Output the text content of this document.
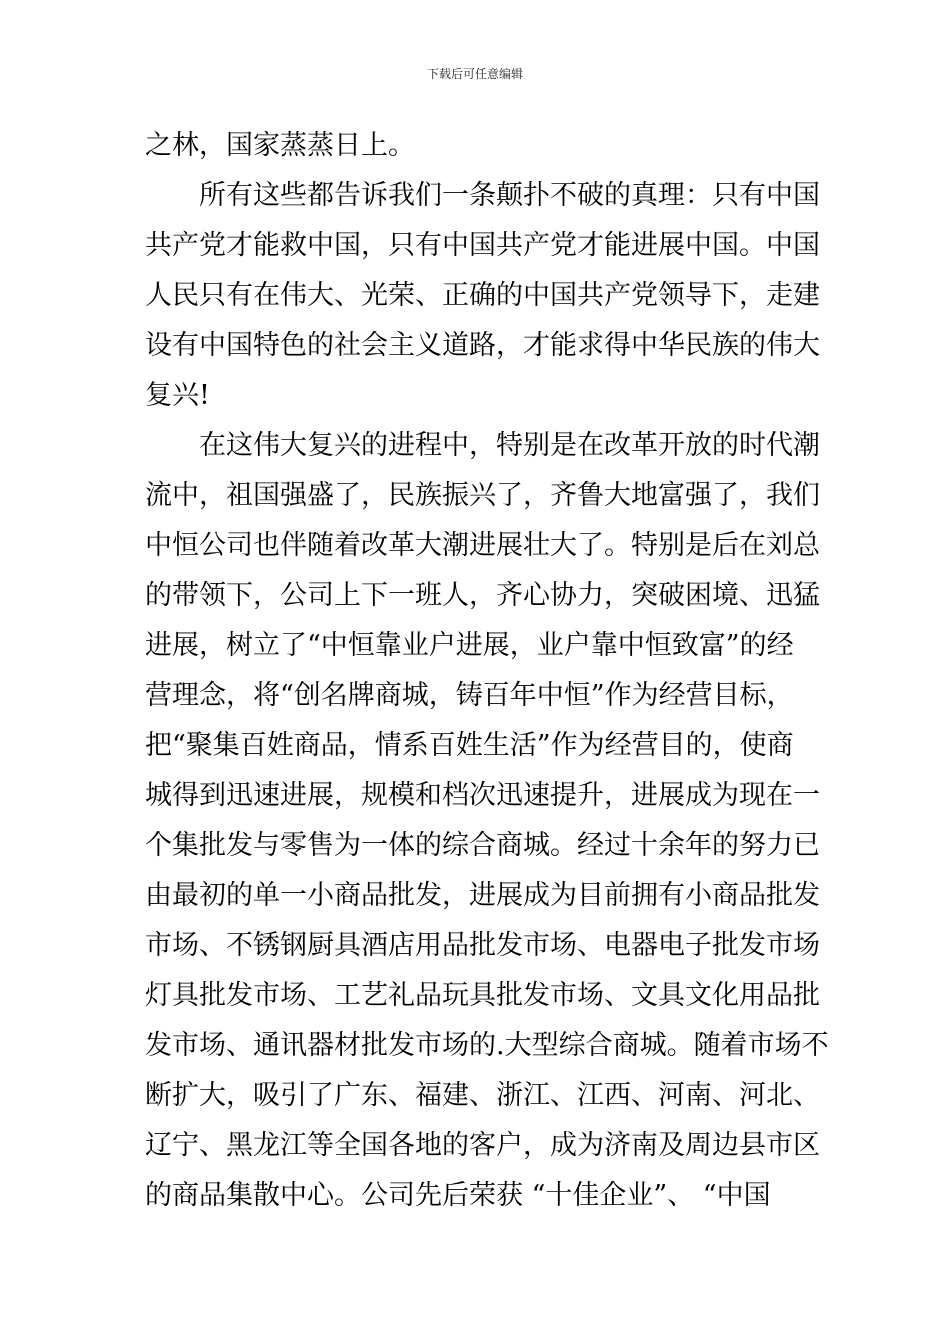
下载后可任意编辑
之林，国家蒸蒸日上。
　　所有这些都告诉我们一条颠扑不破的真理：只有中国
共产党才能救中国，只有中国共产党才能进展中国。中国
人民只有在伟大、光荣、正确的中国共产党领导下，走建
设有中国特色的社会主义道路，才能求得中华民族的伟大
复兴!
　　在这伟大复兴的进程中，特别是在改革开放的时代潮
流中，祖国强盛了，民族振兴了，齐鲁大地富强了，我们
中恒公司也伴随着改革大潮进展壮大了。特别是后在刘总
的带领下，公司上下一班人，齐心协力，突破困境、迅猛
进展，树立了“中恒靠业户进展，业户靠中恒致富”的经
营理念，将“创名牌商城，铸百年中恒”作为经营目标，
把“聚集百姓商品，情系百姓生活”作为经营目的，使商
城得到迅速进展，规模和档次迅速提升，进展成为现在一
个集批发与零售为一体的综合商城。经过十余年的努力已
由最初的单一小商品批发，进展成为目前拥有小商品批发
市场、不锈钢厨具酒店用品批发市场、电器电子批发市场
灯具批发市场、工艺礼品玩具批发市场、文具文化用品批
发市场、通讯器材批发市场的.大型综合商城。随着市场不
断扩大，吸引了广东、福建、浙江、江西、河南、河北、
辽宁、黑龙江等全国各地的客户，成为济南及周边县市区
的商品集散中心。公司先后荣获 “十佳企业”、 “中国
